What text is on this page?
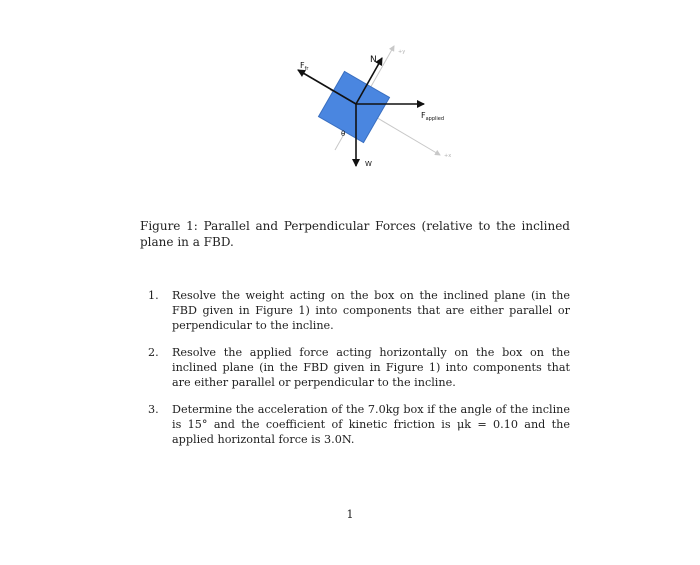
N
$F_{fr}$
$F_{applied}$
W
θ
+y
+x

Figure 1: Parallel and Perpendicular Forces (relative to the inclined plane in a FBD.

1.	Resolve the weight acting on the box on the inclined plane (in the FBD given in Figure 1) into components that are either parallel or perpendicular to the incline.
2.	Resolve the applied force acting horizontally on the box on the inclined plane (in the FBD given in Figure 1) into components that are either parallel or perpendicular to the incline.
3.	Determine the acceleration of the 7.0kg box if the angle of the incline is 15° and the coefficient of kinetic friction is μk = 0.10 and the applied horizontal force is 3.0N.
1
